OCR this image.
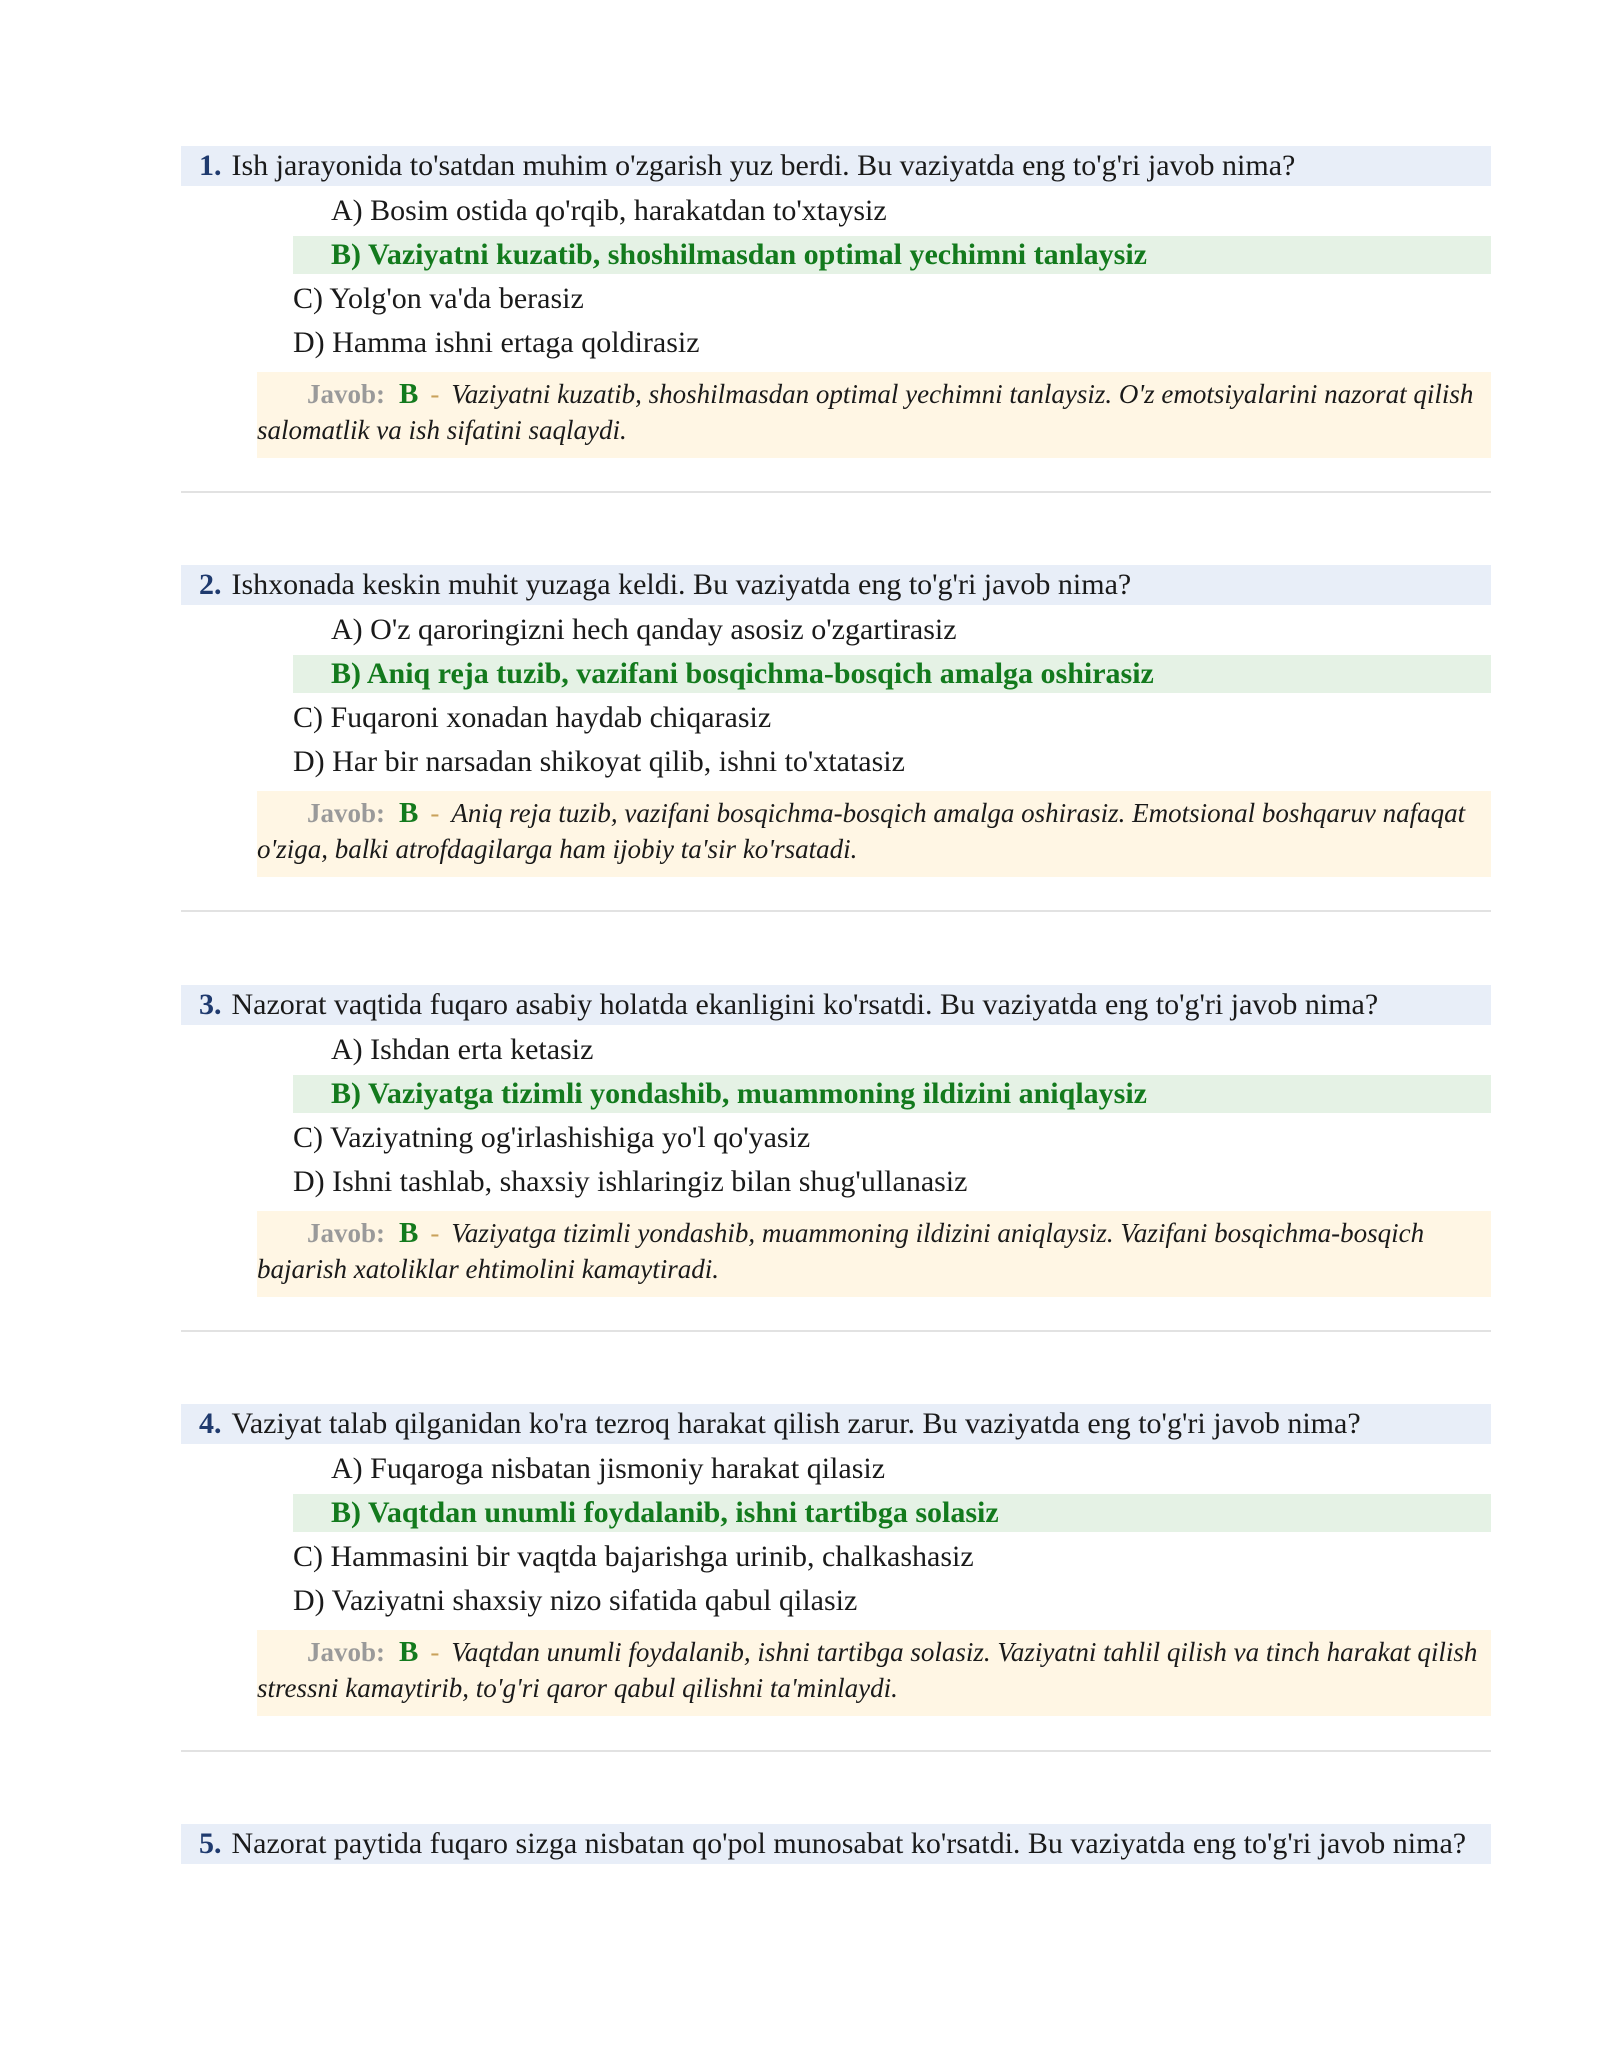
1. Ish jarayonida to'satdan muhim o'zgarish yuz berdi. Bu vaziyatda eng to'g'ri javob nima?
A) Bosim ostida qo'rqib, harakatdan to'xtaysiz
B) Vaziyatni kuzatib, shoshilmasdan optimal yechimni tanlaysiz
C) Yolg'on va'da berasiz
D) Hamma ishni ertaga qoldirasiz
Javob: B - Vaziyatni kuzatib, shoshilmasdan optimal yechimni tanlaysiz. O'z emotsiyalarini nazorat qilish salomatlik va ish sifatini saqlaydi.
2. Ishxonada keskin muhit yuzaga keldi. Bu vaziyatda eng to'g'ri javob nima?
A) O'z qaroringizni hech qanday asosiz o'zgartirasiz
B) Aniq reja tuzib, vazifani bosqichma-bosqich amalga oshirasiz
C) Fuqaroni xonadan haydab chiqarasiz
D) Har bir narsadan shikoyat qilib, ishni to'xtatasiz
Javob: B - Aniq reja tuzib, vazifani bosqichma-bosqich amalga oshirasiz. Emotsional boshqaruv nafaqat o'ziga, balki atrofdagilarga ham ijobiy ta'sir ko'rsatadi.
3. Nazorat vaqtida fuqaro asabiy holatda ekanligini ko'rsatdi. Bu vaziyatda eng to'g'ri javob nima?
A) Ishdan erta ketasiz
B) Vaziyatga tizimli yondashib, muammoning ildizini aniqlaysiz
C) Vaziyatning og'irlashishiga yo'l qo'yasiz
D) Ishni tashlab, shaxsiy ishlaringiz bilan shug'ullanasiz
Javob: B - Vaziyatga tizimli yondashib, muammoning ildizini aniqlaysiz. Vazifani bosqichma-bosqich bajarish xatoliklar ehtimolini kamaytiradi.
4. Vaziyat talab qilganidan ko'ra tezroq harakat qilish zarur. Bu vaziyatda eng to'g'ri javob nima?
A) Fuqaroga nisbatan jismoniy harakat qilasiz
B) Vaqtdan unumli foydalanib, ishni tartibga solasiz
C) Hammasini bir vaqtda bajarishga urinib, chalkashasiz
D) Vaziyatni shaxsiy nizo sifatida qabul qilasiz
Javob: B - Vaqtdan unumli foydalanib, ishni tartibga solasiz. Vaziyatni tahlil qilish va tinch harakat qilish stressni kamaytirib, to'g'ri qaror qabul qilishni ta'minlaydi.
5. Nazorat paytida fuqaro sizga nisbatan qo'pol munosabat ko'rsatdi. Bu vaziyatda eng to'g'ri javob nima?
